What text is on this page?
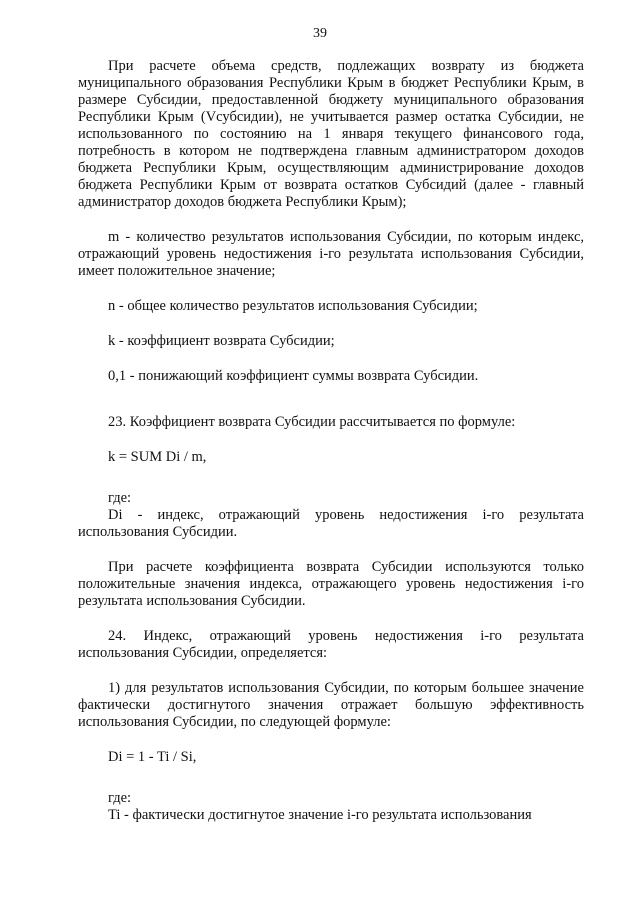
39

При расчете объема средств, подлежащих возврату из бюджета муниципального образования Республики Крым в бюджет Республики Крым, в размере Субсидии, предоставленной бюджету муниципального образования Республики Крым (Vсубсидии), не учитывается размер остатка Субсидии, не использованного по состоянию на 1 января текущего финансового года, потребность в котором не подтверждена главным администратором доходов бюджета Республики Крым, осуществляющим администрирование доходов бюджета Республики Крым от возврата остатков Субсидий (далее - главный администратор доходов бюджета Республики Крым);

m - количество результатов использования Субсидии, по которым индекс, отражающий уровень недостижения i-го результата использования Субсидии, имеет положительное значение;

n - общее количество результатов использования Субсидии;

k - коэффициент возврата Субсидии;

0,1 - понижающий коэффициент суммы возврата Субсидии.

23. Коэффициент возврата Субсидии рассчитывается по формуле:

k = SUM Di / m,

где:

Di - индекс, отражающий уровень недостижения i-го результата использования Субсидии.

При расчете коэффициента возврата Субсидии используются только положительные значения индекса, отражающего уровень недостижения i-го результата использования Субсидии.

24. Индекс, отражающий уровень недостижения i-го результата использования Субсидии, определяется:

1) для результатов использования Субсидии, по которым большее значение фактически достигнутого значения отражает большую эффективность использования Субсидии, по следующей формуле:

Di = 1 - Ti / Si,

где:

Ti - фактически достигнутое значение i-го результата использования
